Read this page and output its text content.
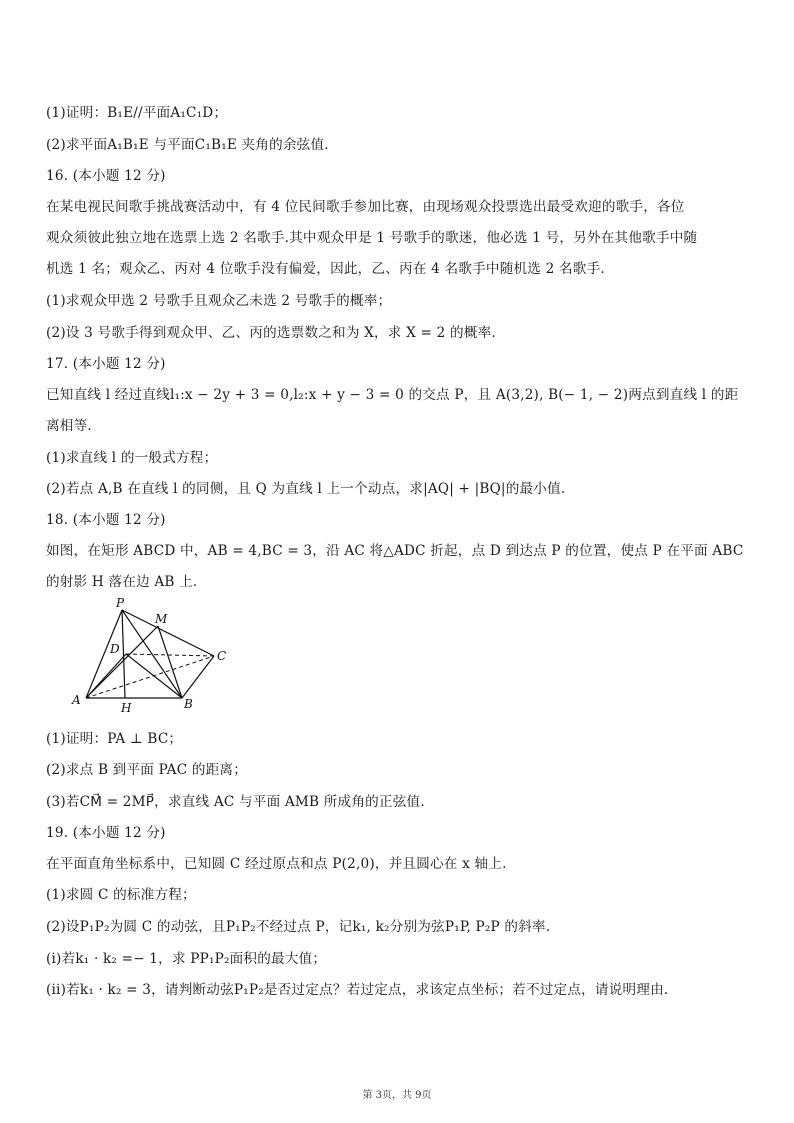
(1)证明：B₁E//平面A₁C₁D；
(2)求平面A₁B₁E 与平面C₁B₁E 夹角的余弦值.
16. (本小题 12 分)
在某电视民间歌手挑战赛活动中，有 4 位民间歌手参加比赛，由现场观众投票选出最受欢迎的歌手，各位
观众须彼此独立地在选票上选 2 名歌手.其中观众甲是 1 号歌手的歌迷，他必选 1 号，另外在其他歌手中随
机选 1 名；观众乙、丙对 4 位歌手没有偏爱，因此，乙、丙在 4 名歌手中随机选 2 名歌手.
(1)求观众甲选 2 号歌手且观众乙未选 2 号歌手的概率；
(2)设 3 号歌手得到观众甲、乙、丙的选票数之和为 X，求 X = 2 的概率.
17. (本小题 12 分)
已知直线 l 经过直线l₁:x − 2y + 3 = 0,l₂:x + y − 3 = 0 的交点 P，且 A(3,2), B(− 1, − 2)两点到直线 l 的距
离相等.
(1)求直线 l 的一般式方程；
(2)若点 A,B 在直线 l 的同侧，且 Q 为直线 l 上一个动点，求|AQ| + |BQ|的最小值.
18. (本小题 12 分)
如图，在矩形 ABCD 中，AB = 4,BC = 3，沿 AC 将△ADC 折起，点 D 到达点 P 的位置，使点 P 在平面 ABC
的射影 H 落在边 AB 上.
P
M
D	C
A
H	B
(1)证明：PA ⊥ BC；
(2)求点 B 到平面 PAC 的距离；
(3)若CM⃗ = 2MP⃗，求直线 AC 与平面 AMB 所成角的正弦值.
19. (本小题 12 分)
在平面直角坐标系中，已知圆 C 经过原点和点 P(2,0)，并且圆心在 x 轴上.
(1)求圆 C 的标准方程；
(2)设P₁P₂为圆 C 的动弦，且P₁P₂不经过点 P，记k₁, k₂分别为弦P₁P, P₂P 的斜率.
(i)若k₁ · k₂ =− 1，求 PP₁P₂面积的最大值；
(ii)若k₁ · k₂ = 3，请判断动弦P₁P₂是否过定点？若过定点，求该定点坐标；若不过定点，请说明理由.
第 3页，共 9页
